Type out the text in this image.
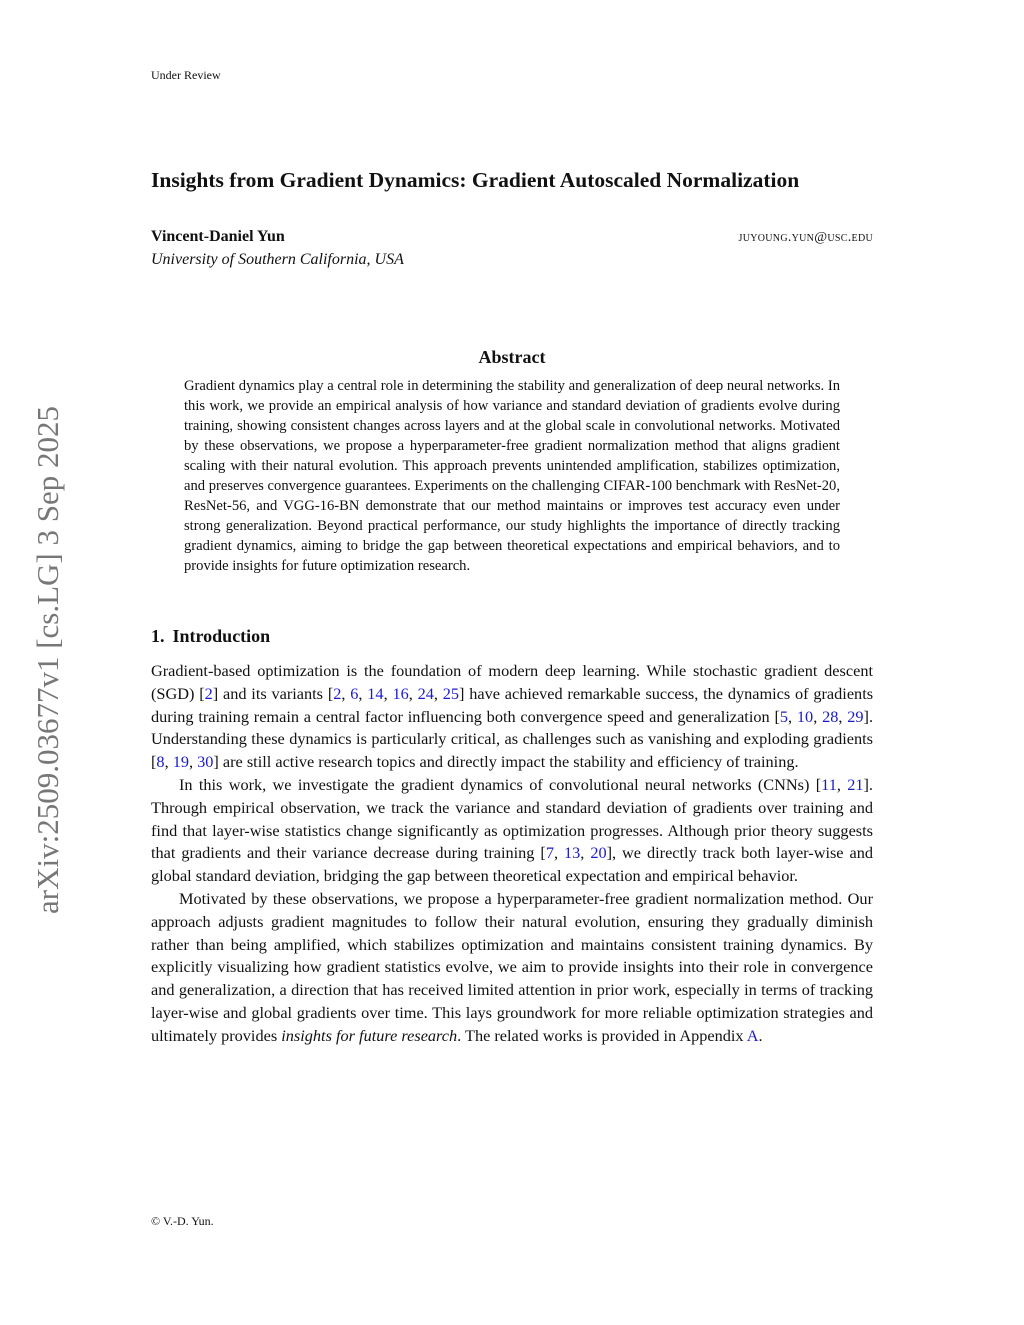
Under Review
arXiv:2509.03677v1 [cs.LG] 3 Sep 2025
Insights from Gradient Dynamics: Gradient Autoscaled Normalization
Vincent-Daniel Yun	juyoung.yun@usc.edu
University of Southern California, USA
Abstract
Gradient dynamics play a central role in determining the stability and generalization of deep neural networks. In this work, we provide an empirical analysis of how variance and standard deviation of gradients evolve during training, showing consistent changes across layers and at the global scale in convolutional networks. Motivated by these observations, we propose a hyperparameter-free gradient normalization method that aligns gradient scaling with their natural evolution. This approach prevents unintended amplification, stabilizes optimization, and preserves convergence guarantees. Experiments on the challenging CIFAR-100 benchmark with ResNet-20, ResNet-56, and VGG-16-BN demonstrate that our method maintains or improves test accuracy even under strong generalization. Beyond practical performance, our study highlights the importance of directly tracking gradient dynamics, aiming to bridge the gap between theoretical expectations and empirical behaviors, and to provide insights for future optimization research.
1. Introduction

Gradient-based optimization is the foundation of modern deep learning. While stochastic gradient descent (SGD) [2] and its variants [2, 6, 14, 16, 24, 25] have achieved remarkable success, the dynamics of gradients during training remain a central factor influencing both convergence speed and generalization [5, 10, 28, 29]. Understanding these dynamics is particularly critical, as challenges such as vanishing and exploding gradients [8, 19, 30] are still active research topics and directly impact the stability and efficiency of training.

In this work, we investigate the gradient dynamics of convolutional neural networks (CNNs) [11, 21]. Through empirical observation, we track the variance and standard deviation of gradients over training and find that layer-wise statistics change significantly as optimization progresses. Although prior theory suggests that gradients and their variance decrease during training [7, 13, 20], we directly track both layer-wise and global standard deviation, bridging the gap between theoretical expectation and empirical behavior.

Motivated by these observations, we propose a hyperparameter-free gradient normalization method. Our approach adjusts gradient magnitudes to follow their natural evolution, ensuring they gradually diminish rather than being amplified, which stabilizes optimization and maintains consistent training dynamics. By explicitly visualizing how gradient statistics evolve, we aim to provide insights into their role in convergence and generalization, a direction that has received limited attention in prior work, especially in terms of tracking layer-wise and global gradients over time. This lays groundwork for more reliable optimization strategies and ultimately provides insights for future research. The related works is provided in Appendix A.

© V.-D. Yun.
